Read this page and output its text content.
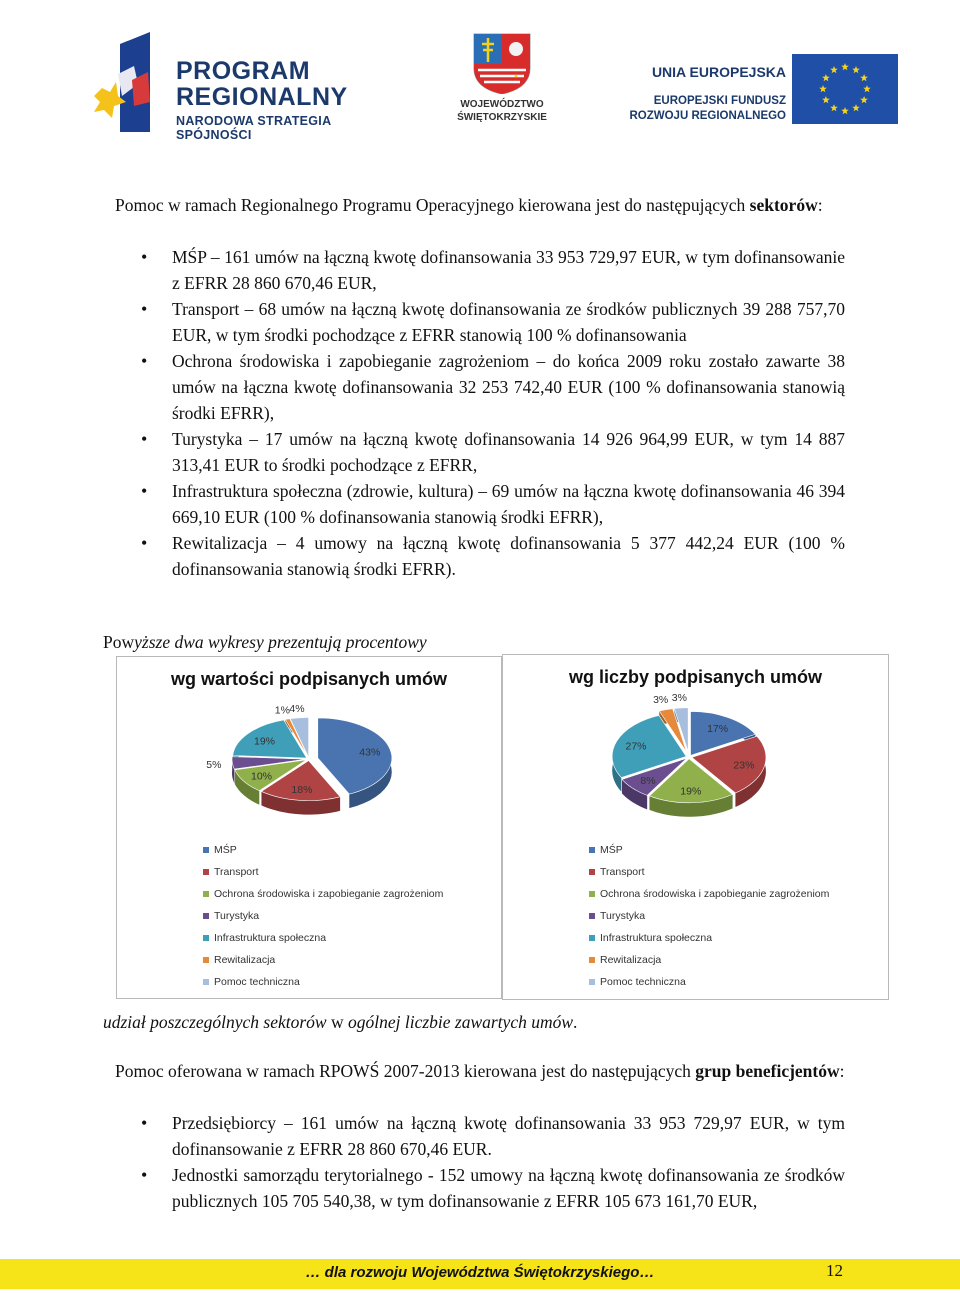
PROGRAM
REGIONALNY
NARODOWA STRATEGIA SPÓJNOŚCI
WOJEWÓDZTWO
ŚWIĘTOKRZYSKIE
UNIA EUROPEJSKA
EUROPEJSKI FUNDUSZ
ROZWOJU REGIONALNEGO
Pomoc w ramach Regionalnego Programu Operacyjnego kierowana jest do następujących sektorów:
• MŚP – 161 umów na łączną kwotę dofinansowania 33 953 729,97 EUR, w tym dofinansowanie z EFRR 28 860 670,46 EUR,
• Transport – 68 umów na łączną kwotę dofinansowania ze środków publicznych 39 288 757,70 EUR, w tym środki pochodzące z EFRR stanowią 100 % dofinansowania
• Ochrona środowiska i zapobieganie zagrożeniom – do końca 2009 roku zostało zawarte 38 umów na łączna kwotę dofinansowania 32 253 742,40 EUR (100 % dofinansowania stanowią środki EFRR),
• Turystyka – 17 umów na łączną kwotę dofinansowania 14 926 964,99 EUR, w tym 14 887 313,41 EUR to środki pochodzące z EFRR,
• Infrastruktura społeczna (zdrowie, kultura) – 69 umów na łączna kwotę dofinansowania 46 394 669,10 EUR (100 % dofinansowania stanowią środki EFRR),
• Rewitalizacja – 4 umowy na łączną kwotę dofinansowania 5 377 442,24 EUR (100 % dofinansowania stanowią środki EFRR).
Powyższe dwa wykresy prezentują procentowy
wg wartości podpisanych umów
43%
18%
10%
5%
19%
1% 4%
MŚP
Transport
Ochrona środowiska i zapobieganie zagrożeniom
Turystyka
Infrastruktura społeczna
Rewitalizacja
Pomoc techniczna
wg liczby podpisanych umów
17%
23%
19%
8%
27%
3% 3%
MŚP
Transport
Ochrona środowiska i zapobieganie zagrożeniom
Turystyka
Infrastruktura społeczna
Rewitalizacja
Pomoc techniczna
udział poszczególnych sektorów w ogólnej liczbie zawartych umów.
Pomoc oferowana w ramach RPOWŚ 2007-2013 kierowana jest do następujących grup beneficjentów:
• Przedsiębiorcy – 161 umów na łączną kwotę dofinansowania 33 953 729,97 EUR, w tym dofinansowanie z EFRR 28 860 670,46 EUR.
• Jednostki samorządu terytorialnego - 152 umowy na łączną kwotę dofinansowania ze środków publicznych 105 705 540,38, w tym dofinansowanie z EFRR 105 673 161,70 EUR,
… dla rozwoju Województwa Świętokrzyskiego…	12
